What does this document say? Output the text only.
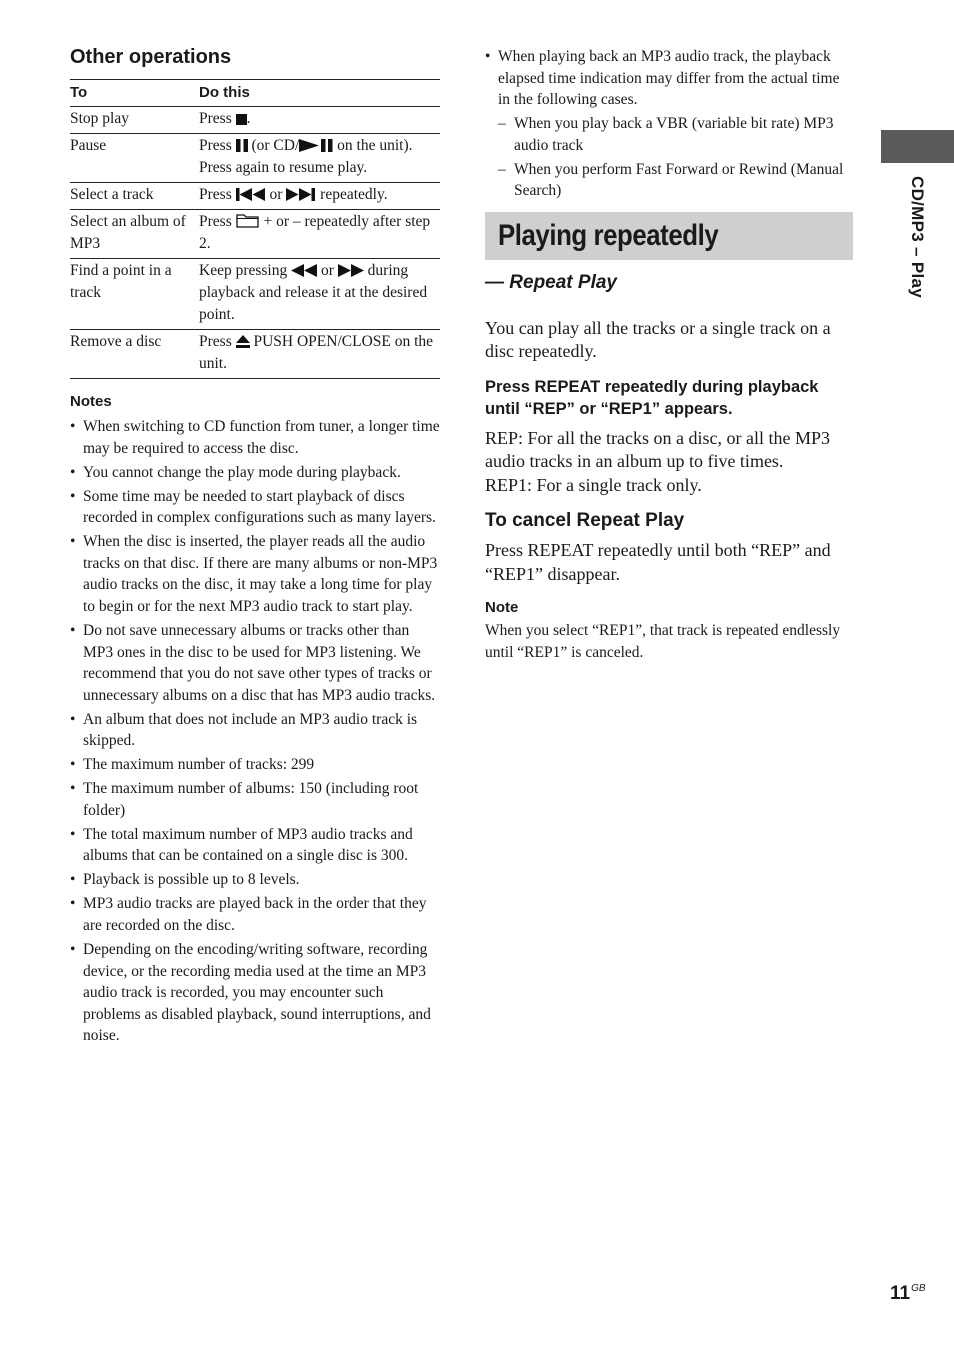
Other operations
To	Do this
Stop play	Press .
Pause	Press (or CD/ on the unit). Press again to resume play.
Select a track	Press or repeatedly.
Select an album of MP3	Press + or – repeatedly after step 2.
Find a point in a track	Keep pressing or during playback and release it at the desired point.
Remove a disc	Press PUSH OPEN/CLOSE on the unit.
Notes
• When switching to CD function from tuner, a longer time may be required to access the disc.
• You cannot change the play mode during playback.
• Some time may be needed to start playback of discs recorded in complex configurations such as many layers.
• When the disc is inserted, the player reads all the audio tracks on that disc. If there are many albums or non-MP3 audio tracks on the disc, it may take a long time for play to begin or for the next MP3 audio track to start play.
• Do not save unnecessary albums or tracks other than MP3 ones in the disc to be used for MP3 listening. We recommend that you do not save other types of tracks or unnecessary albums on a disc that has MP3 audio tracks.
• An album that does not include an MP3 audio track is skipped.
• The maximum number of tracks: 299
• The maximum number of albums: 150 (including root folder)
• The total maximum number of MP3 audio tracks and albums that can be contained on a single disc is 300.
• Playback is possible up to 8 levels.
• MP3 audio tracks are played back in the order that they are recorded on the disc.
• Depending on the encoding/writing software, recording device, or the recording media used at the time an MP3 audio track is recorded, you may encounter such problems as disabled playback, sound interruptions, and noise.
• When playing back an MP3 audio track, the playback elapsed time indication may differ from the actual time in the following cases.
– When you play back a VBR (variable bit rate) MP3 audio track
– When you perform Fast Forward or Rewind (Manual Search)
Playing repeatedly
— Repeat Play

You can play all the tracks or a single track on a disc repeatedly.

Press REPEAT repeatedly during playback until “REP” or “REP1” appears.

REP: For all the tracks on a disc, or all the MP3 audio tracks in an album up to five times.

REP1: For a single track only.

To cancel Repeat Play

Press REPEAT repeatedly until both “REP” and “REP1” disappear.

Note

When you select “REP1”, that track is repeated endlessly until “REP1” is canceled.

CD/MP3 – Play
$11^{GB}$
